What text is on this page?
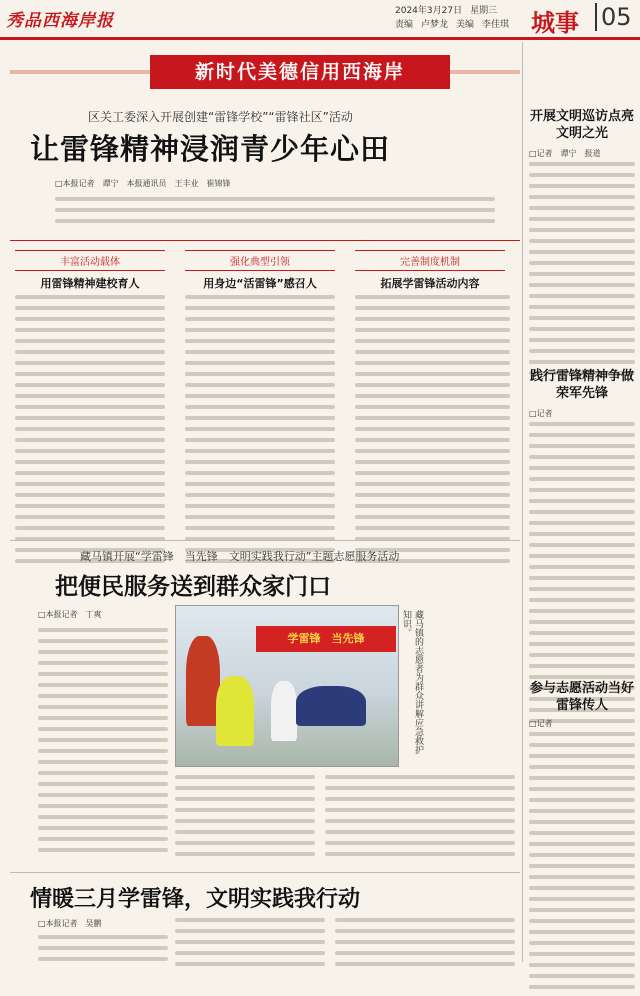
秀品西海岸报	2024年3月27日 星期三
责编 卢梦龙 美编 李佳琪 城事 05
新时代美德信用西海岸
区关工委深入开展创建“雷锋学校”“雷锋社区”活动
让雷锋精神浸润青少年心田
□本报记者　谭宁　本报通讯员　王丰业　崔锦锋
丰富活动载体
用雷锋精神建校育人
强化典型引领
用身边“活雷锋”感召人
完善制度机制
拓展学雷锋活动内容
藏马镇开展“学雷锋　当先锋　文明实践我行动”主题志愿服务活动
把便民服务送到群众家门口
□本报记者　丁爽
学雷锋　当先锋	藏马镇的志愿者为群众讲解应急救护知识。
情暖三月学雷锋，文明实践我行动
□本报记者　吴鹏
开展文明巡访点亮文明之光
□记者　谭宁　报道
践行雷锋精神争做荣军先锋
□记者　
参与志愿活动当好雷锋传人
□记者　
